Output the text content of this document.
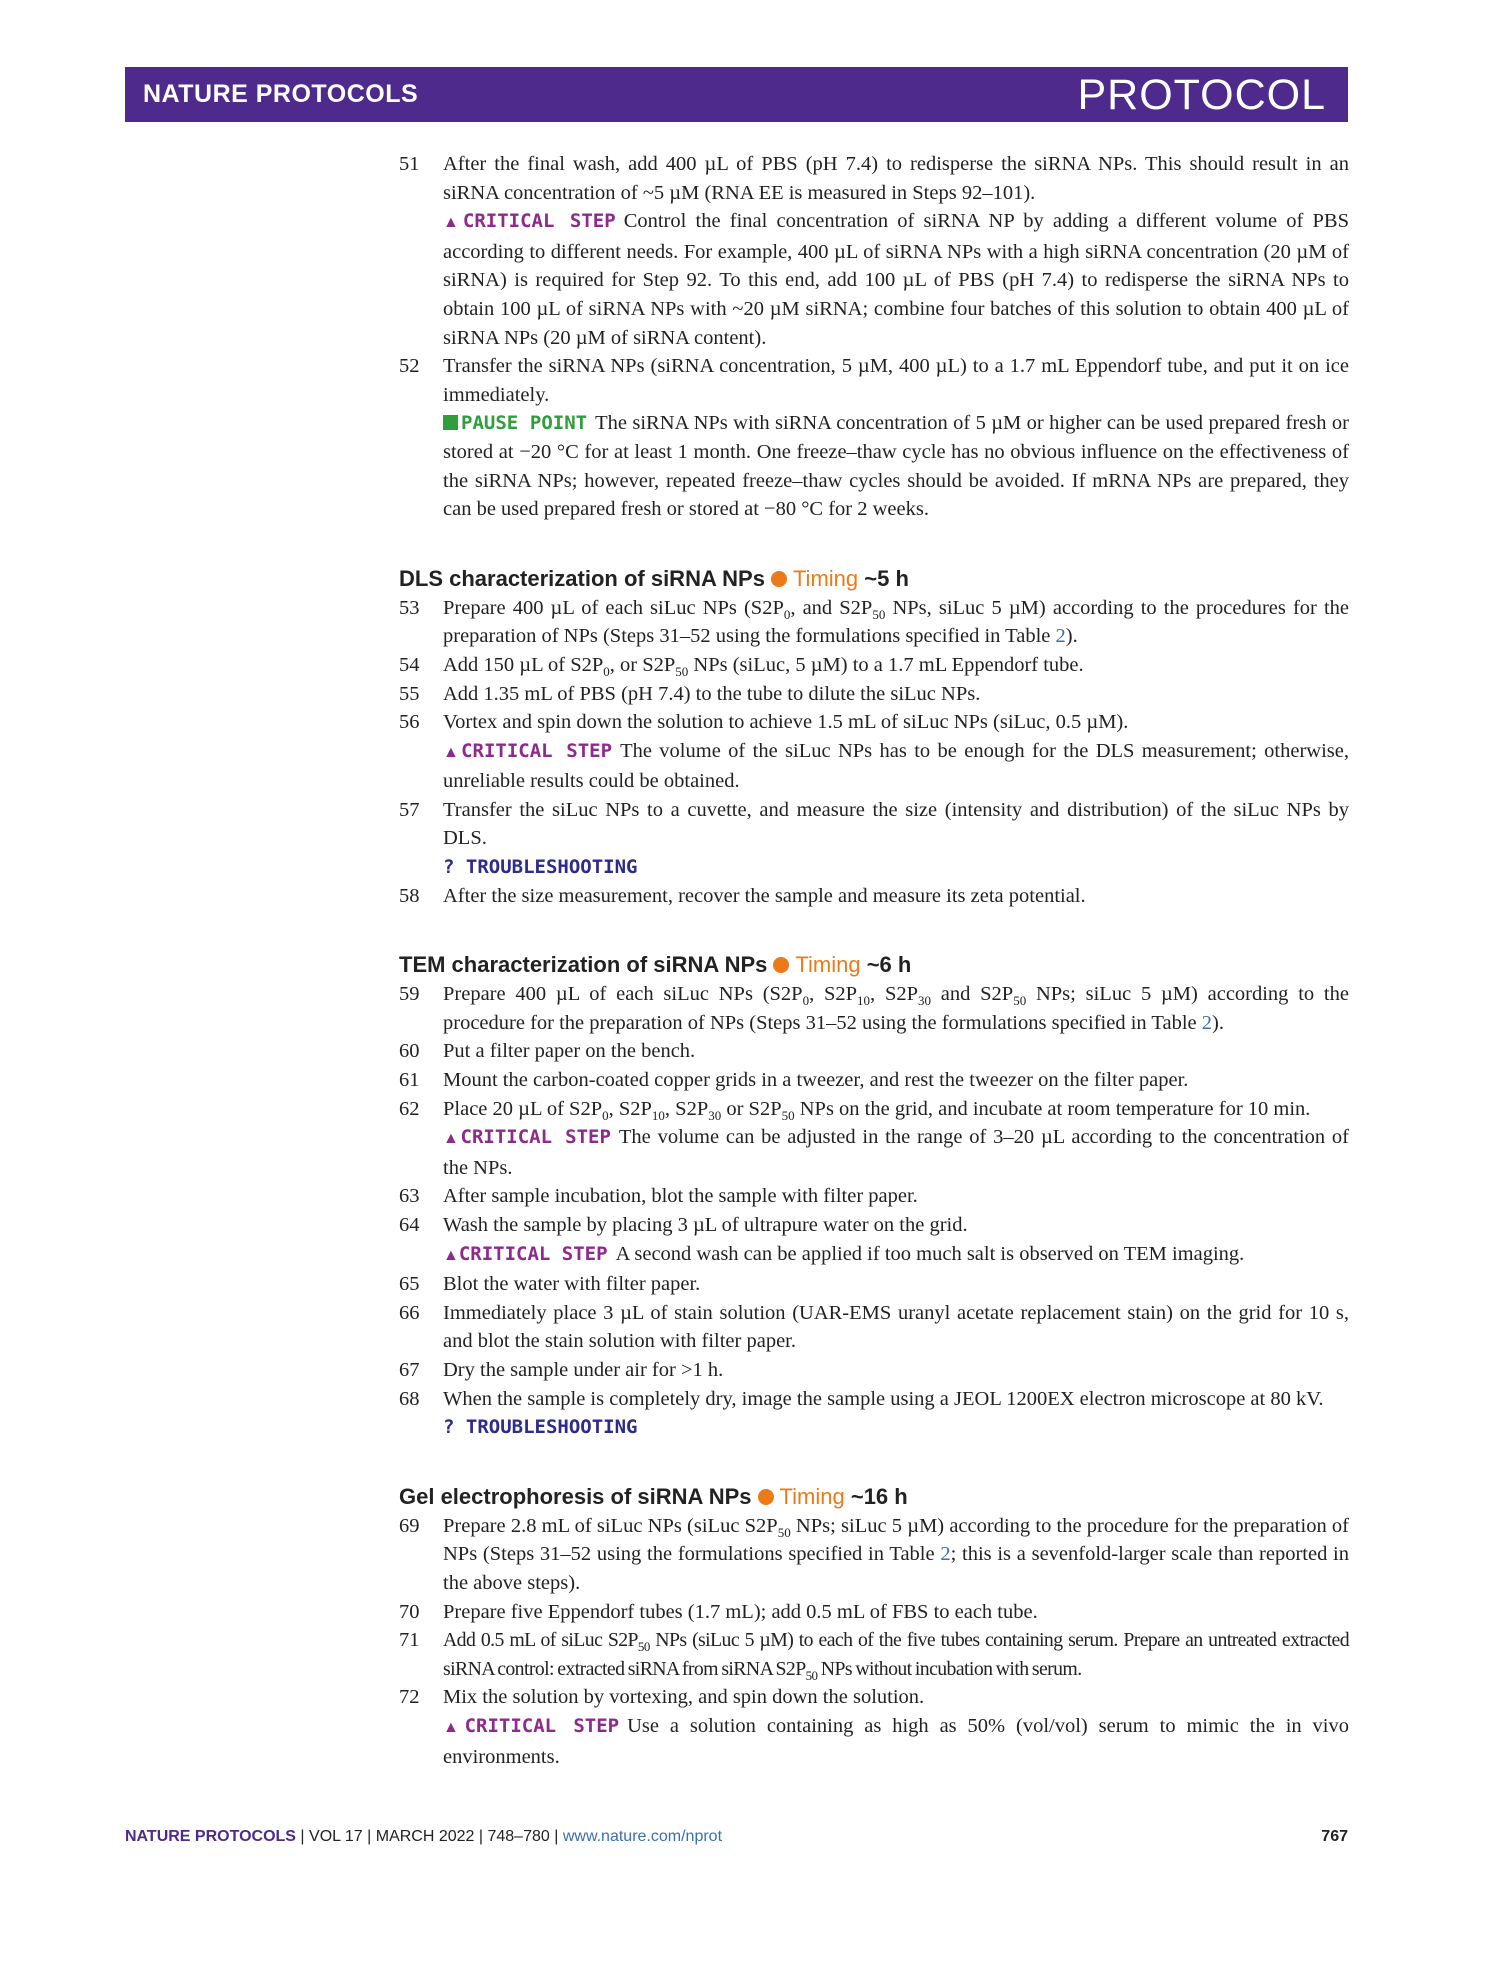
NATURE PROTOCOLS	PROTOCOL
51 After the final wash, add 400 µL of PBS (pH 7.4) to redisperse the siRNA NPs. This should result in an siRNA concentration of ~5 µM (RNA EE is measured in Steps 92–101).

▲CRITICAL STEP Control the final concentration of siRNA NP by adding a different volume of PBS according to different needs. For example, 400 µL of siRNA NPs with a high siRNA concentration (20 µM of siRNA) is required for Step 92. To this end, add 100 µL of PBS (pH 7.4) to redisperse the siRNA NPs to obtain 100 µL of siRNA NPs with ~20 µM siRNA; combine four batches of this solution to obtain 400 µL of siRNA NPs (20 µM of siRNA content).

52 Transfer the siRNA NPs (siRNA concentration, 5 µM, 400 µL) to a 1.7 mL Eppendorf tube, and put it on ice immediately.

PAUSE POINT The siRNA NPs with siRNA concentration of 5 µM or higher can be used prepared fresh or stored at −20 °C for at least 1 month. One freeze–thaw cycle has no obvious influence on the effectiveness of the siRNA NPs; however, repeated freeze–thaw cycles should be avoided. If mRNA NPs are prepared, they can be used prepared fresh or stored at −80 °C for 2 weeks.

DLS characterization of siRNA NPs Timing ~5 h
53 Prepare 400 µL of each siLuc NPs ($S2P_0$, and $S2P_{50}$ NPs, siLuc 5 µM) according to the procedures for the preparation of NPs (Steps 31–52 using the formulations specified in Table 2).

54 Add 150 µL of $S2P_0$, or $S2P_{50}$ NPs (siLuc, 5 µM) to a 1.7 mL Eppendorf tube.

55 Add 1.35 mL of PBS (pH 7.4) to the tube to dilute the siLuc NPs.

56 Vortex and spin down the solution to achieve 1.5 mL of siLuc NPs (siLuc, 0.5 µM).

▲CRITICAL STEP The volume of the siLuc NPs has to be enough for the DLS measurement; otherwise, unreliable results could be obtained.

57 Transfer the siLuc NPs to a cuvette, and measure the size (intensity and distribution) of the siLuc NPs by DLS.

? TROUBLESHOOTING

58 After the size measurement, recover the sample and measure its zeta potential.

TEM characterization of siRNA NPs Timing ~6 h
59 Prepare 400 µL of each siLuc NPs ($S2P_0$, $S2P_{10}$, $S2P_{30}$ and $S2P_{50}$ NPs; siLuc 5 µM) according to the procedure for the preparation of NPs (Steps 31–52 using the formulations specified in Table 2).

60 Put a filter paper on the bench.

61 Mount the carbon-coated copper grids in a tweezer, and rest the tweezer on the filter paper.

62 Place 20 µL of $S2P_0$, $S2P_{10}$, $S2P_{30}$ or $S2P_{50}$ NPs on the grid, and incubate at room temperature for 10 min.

▲CRITICAL STEP The volume can be adjusted in the range of 3–20 µL according to the concentration of the NPs.

63 After sample incubation, blot the sample with filter paper.

64 Wash the sample by placing 3 µL of ultrapure water on the grid.

▲CRITICAL STEP A second wash can be applied if too much salt is observed on TEM imaging.

65 Blot the water with filter paper.

66 Immediately place 3 µL of stain solution (UAR-EMS uranyl acetate replacement stain) on the grid for 10 s, and blot the stain solution with filter paper.

67 Dry the sample under air for >1 h.

68 When the sample is completely dry, image the sample using a JEOL 1200EX electron microscope at 80 kV.

? TROUBLESHOOTING

Gel electrophoresis of siRNA NPs Timing ~16 h
69 Prepare 2.8 mL of siLuc NPs (siLuc $S2P_{50}$ NPs; siLuc 5 µM) according to the procedure for the preparation of NPs (Steps 31–52 using the formulations specified in Table 2; this is a sevenfold-larger scale than reported in the above steps).

70 Prepare five Eppendorf tubes (1.7 mL); add 0.5 mL of FBS to each tube.

71 Add 0.5 mL of siLuc $S2P_{50}$ NPs (siLuc 5 µM) to each of the five tubes containing serum. Prepare an untreated extracted siRNA control: extracted siRNA from siRNA $S2P_{50}$ NPs without incubation with serum.

72 Mix the solution by vortexing, and spin down the solution.

▲CRITICAL STEP Use a solution containing as high as 50% (vol/vol) serum to mimic the in vivo environments.

NATURE PROTOCOLS | VOL 17 | MARCH 2022 | 748–780 | www.nature.com/nprot	767
